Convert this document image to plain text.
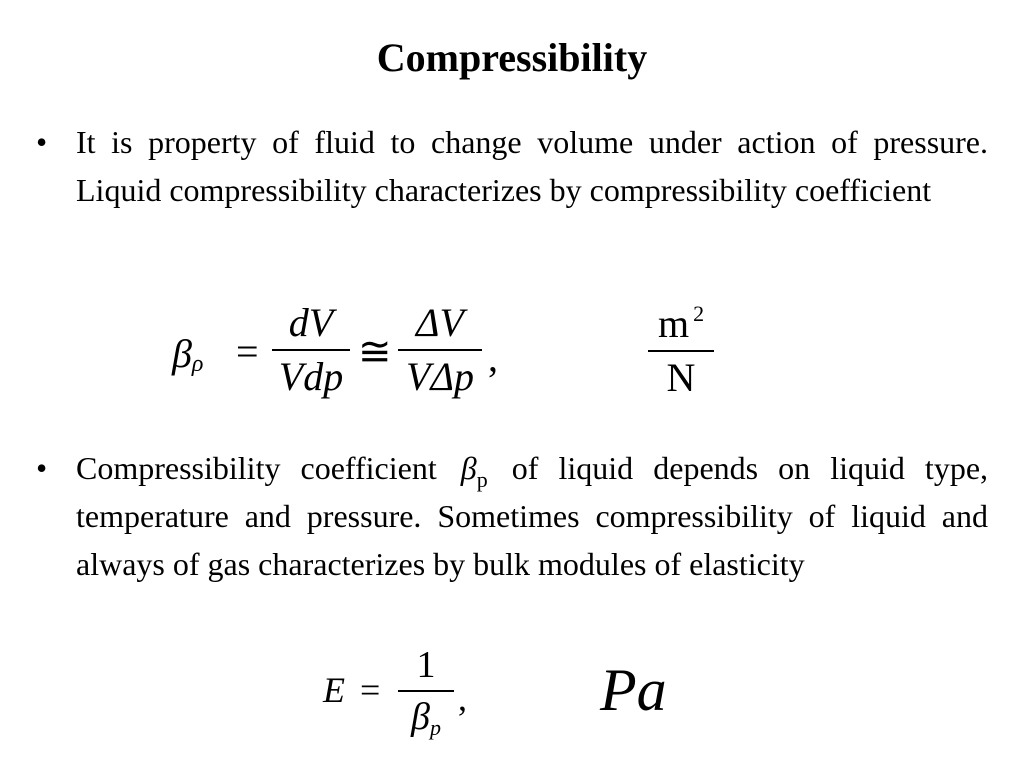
Compressibility
• It is property of fluid to change volume under action of pressure. Liquid compressibility characterizes by compressibility coefficient
$\beta_\rho$ =
dV
Vdp
≅
ΔV
VΔp ,
m $^2$
N
• Compressibility coefficient $\beta_p$ of liquid depends on liquid type, temperature and pressure. Sometimes compressibility of liquid and always of gas characterizes by bulk modules of elasticity
E =
1
$\beta_p$
, Pa
